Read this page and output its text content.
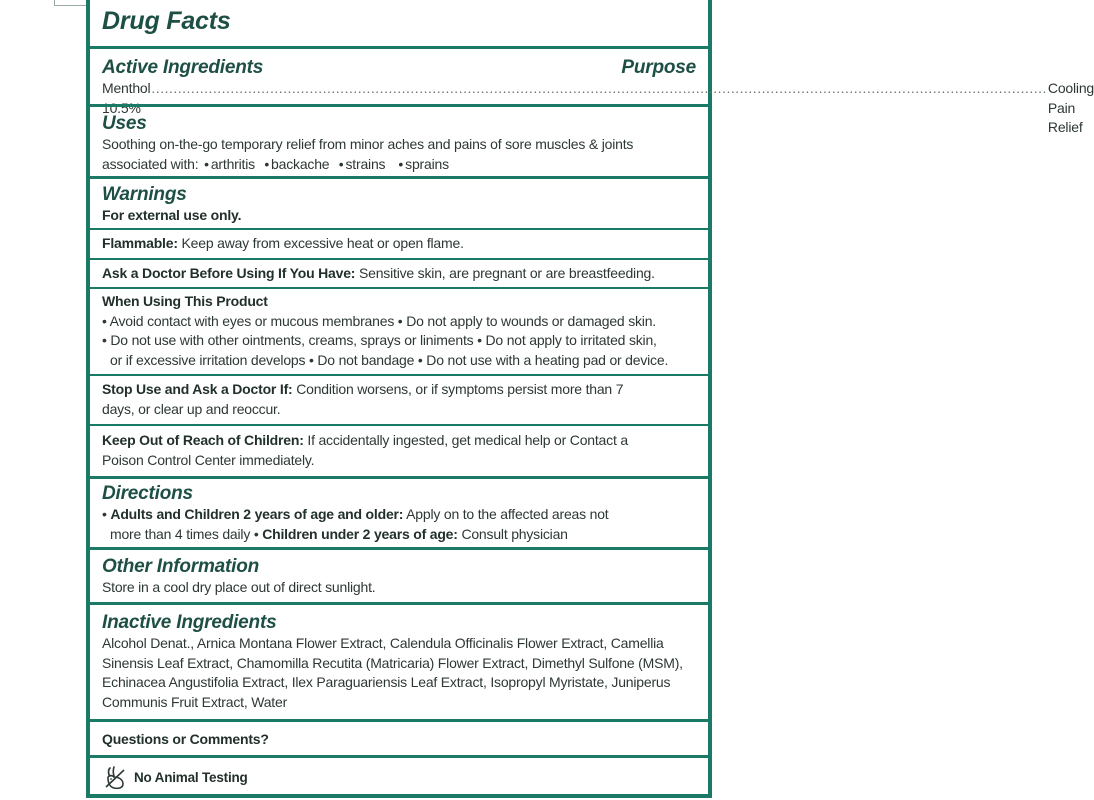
Drug Facts
Active Ingredients	Purpose
Menthol 10.5%
............................................................................................................................................................................................................ Cooling Pain Relief
Uses
Soothing on-the-go temporary relief from minor aches and pains of sore muscles & joints
associated with: • arthritis  • backache  • strains   • sprains
Warnings
For external use only.
Flammable: Keep away from excessive heat or open flame.
Ask a Doctor Before Using If You Have: Sensitive skin, are pregnant or are breastfeeding.
When Using This Product
• Avoid contact with eyes or mucous membranes • Do not apply to wounds or damaged skin.
• Do not use with other ointments, creams, sprays or liniments • Do not apply to irritated skin,
or if excessive irritation develops • Do not bandage • Do not use with a heating pad or device.
Stop Use and Ask a Doctor If: Condition worsens, or if symptoms persist more than 7
days, or clear up and reoccur.
Keep Out of Reach of Children: If accidentally ingested, get medical help or Contact a
Poison Control Center immediately.
Directions
• Adults and Children 2 years of age and older: Apply on to the affected areas not
more than 4 times daily • Children under 2 years of age: Consult physician
Other Information
Store in a cool dry place out of direct sunlight.
Inactive Ingredients
Alcohol Denat., Arnica Montana Flower Extract, Calendula Officinalis Flower Extract, Camellia
Sinensis Leaf Extract, Chamomilla Recutita (Matricaria) Flower Extract, Dimethyl Sulfone (MSM),
Echinacea Angustifolia Extract, Ilex Paraguariensis Leaf Extract, Isopropyl Myristate, Juniperus
Communis Fruit Extract, Water
Questions or Comments?
No Animal Testing
